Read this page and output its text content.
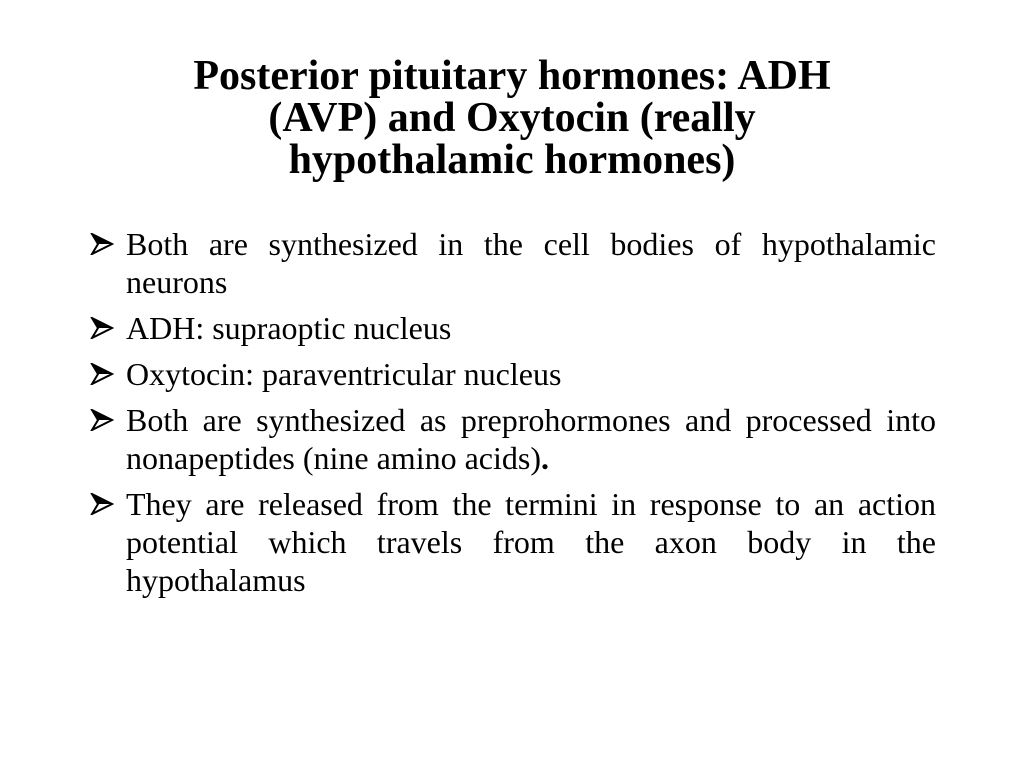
Posterior pituitary hormones: ADH
(AVP) and Oxytocin (really
hypothalamic hormones)
Both are synthesized in the cell bodies of hypothalamic neurons
ADH: supraoptic nucleus
Oxytocin: paraventricular nucleus
Both are synthesized as preprohormones and processed into nonapeptides (nine amino acids).
They are released from the termini in response to an action potential which travels from the axon body in the hypothalamus
